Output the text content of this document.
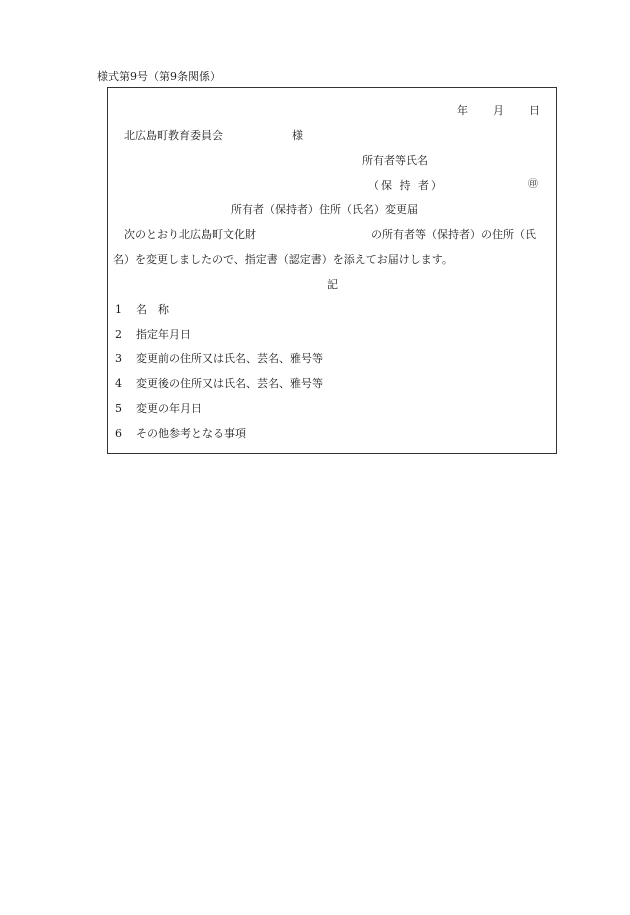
様式第9号（第9条関係）
年 月 日
北広島町教育委員会	様
所有者等氏名
（保 持 者）	㊞
所有者（保持者）住所（氏名）変更届
次のとおり北広島町文化財	の所有者等（保持者）の住所（氏
名）を変更しましたので、指定書（認定書）を添えてお届けします。
記
1 名　称
2 指定年月日
3 変更前の住所又は氏名、芸名、雅号等
4 変更後の住所又は氏名、芸名、雅号等
5 変更の年月日
6 その他参考となる事項
